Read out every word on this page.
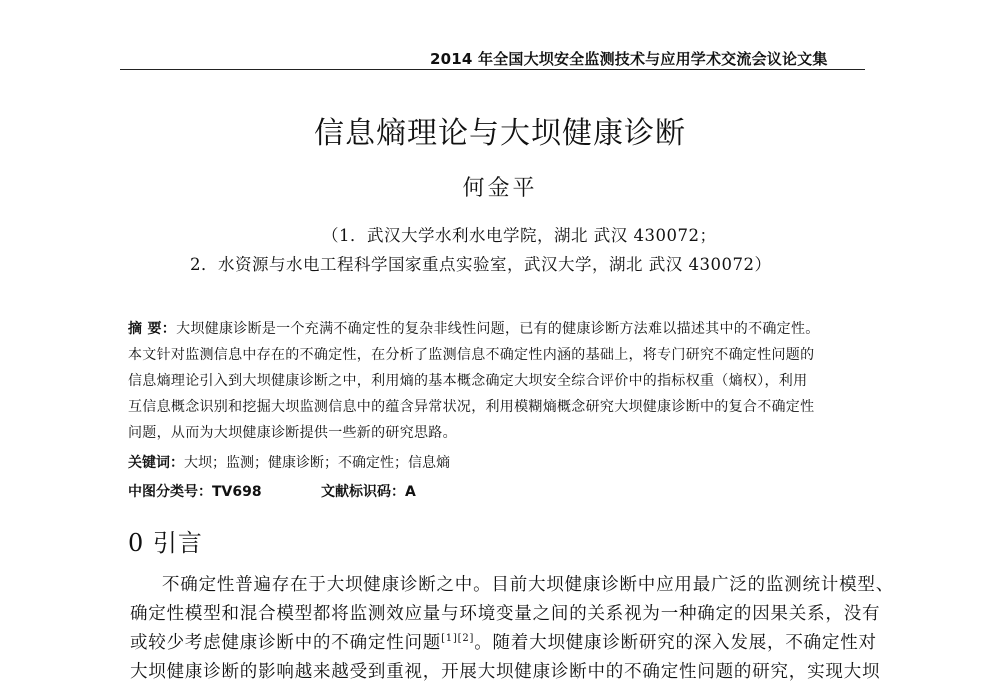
2014 年全国大坝安全监测技术与应用学术交流会议论文集
信息熵理论与大坝健康诊断
何金平
（1．武汉大学水利水电学院，湖北 武汉 430072；
2．水资源与水电工程科学国家重点实验室，武汉大学，湖北 武汉 430072）
摘 要：大坝健康诊断是一个充满不确定性的复杂非线性问题，已有的健康诊断方法难以描述其中的不确定性。
本文针对监测信息中存在的不确定性，在分析了监测信息不确定性内涵的基础上，将专门研究不确定性问题的
信息熵理论引入到大坝健康诊断之中，利用熵的基本概念确定大坝安全综合评价中的指标权重（熵权），利用
互信息概念识别和挖掘大坝监测信息中的蕴含异常状况，利用模糊熵概念研究大坝健康诊断中的复合不确定性
问题，从而为大坝健康诊断提供一些新的研究思路。
关键词：大坝；监测；健康诊断；不确定性；信息熵
中图分类号：TV698	文献标识码：A
0 引言
不确定性普遍存在于大坝健康诊断之中。目前大坝健康诊断中应用最广泛的监测统计模型、
确定性模型和混合模型都将监测效应量与环境变量之间的关系视为一种确定的因果关系，没有
或较少考虑健康诊断中的不确定性问题[1][2]。随着大坝健康诊断研究的深入发展，不确定性对
大坝健康诊断的影响越来越受到重视，开展大坝健康诊断中的不确定性问题的研究，实现大坝
